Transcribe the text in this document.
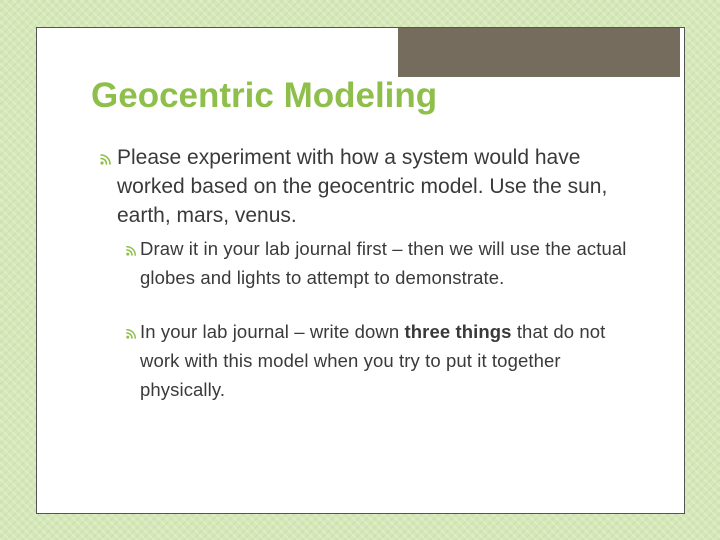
Geocentric Modeling

Please experiment with how a system would have worked based on the geocentric model. Use the sun, earth, mars, venus.

Draw it in your lab journal first – then we will use the actual globes and lights to attempt to demonstrate.

In your lab journal – write down three things that do not work with this model when you try to put it together physically.
